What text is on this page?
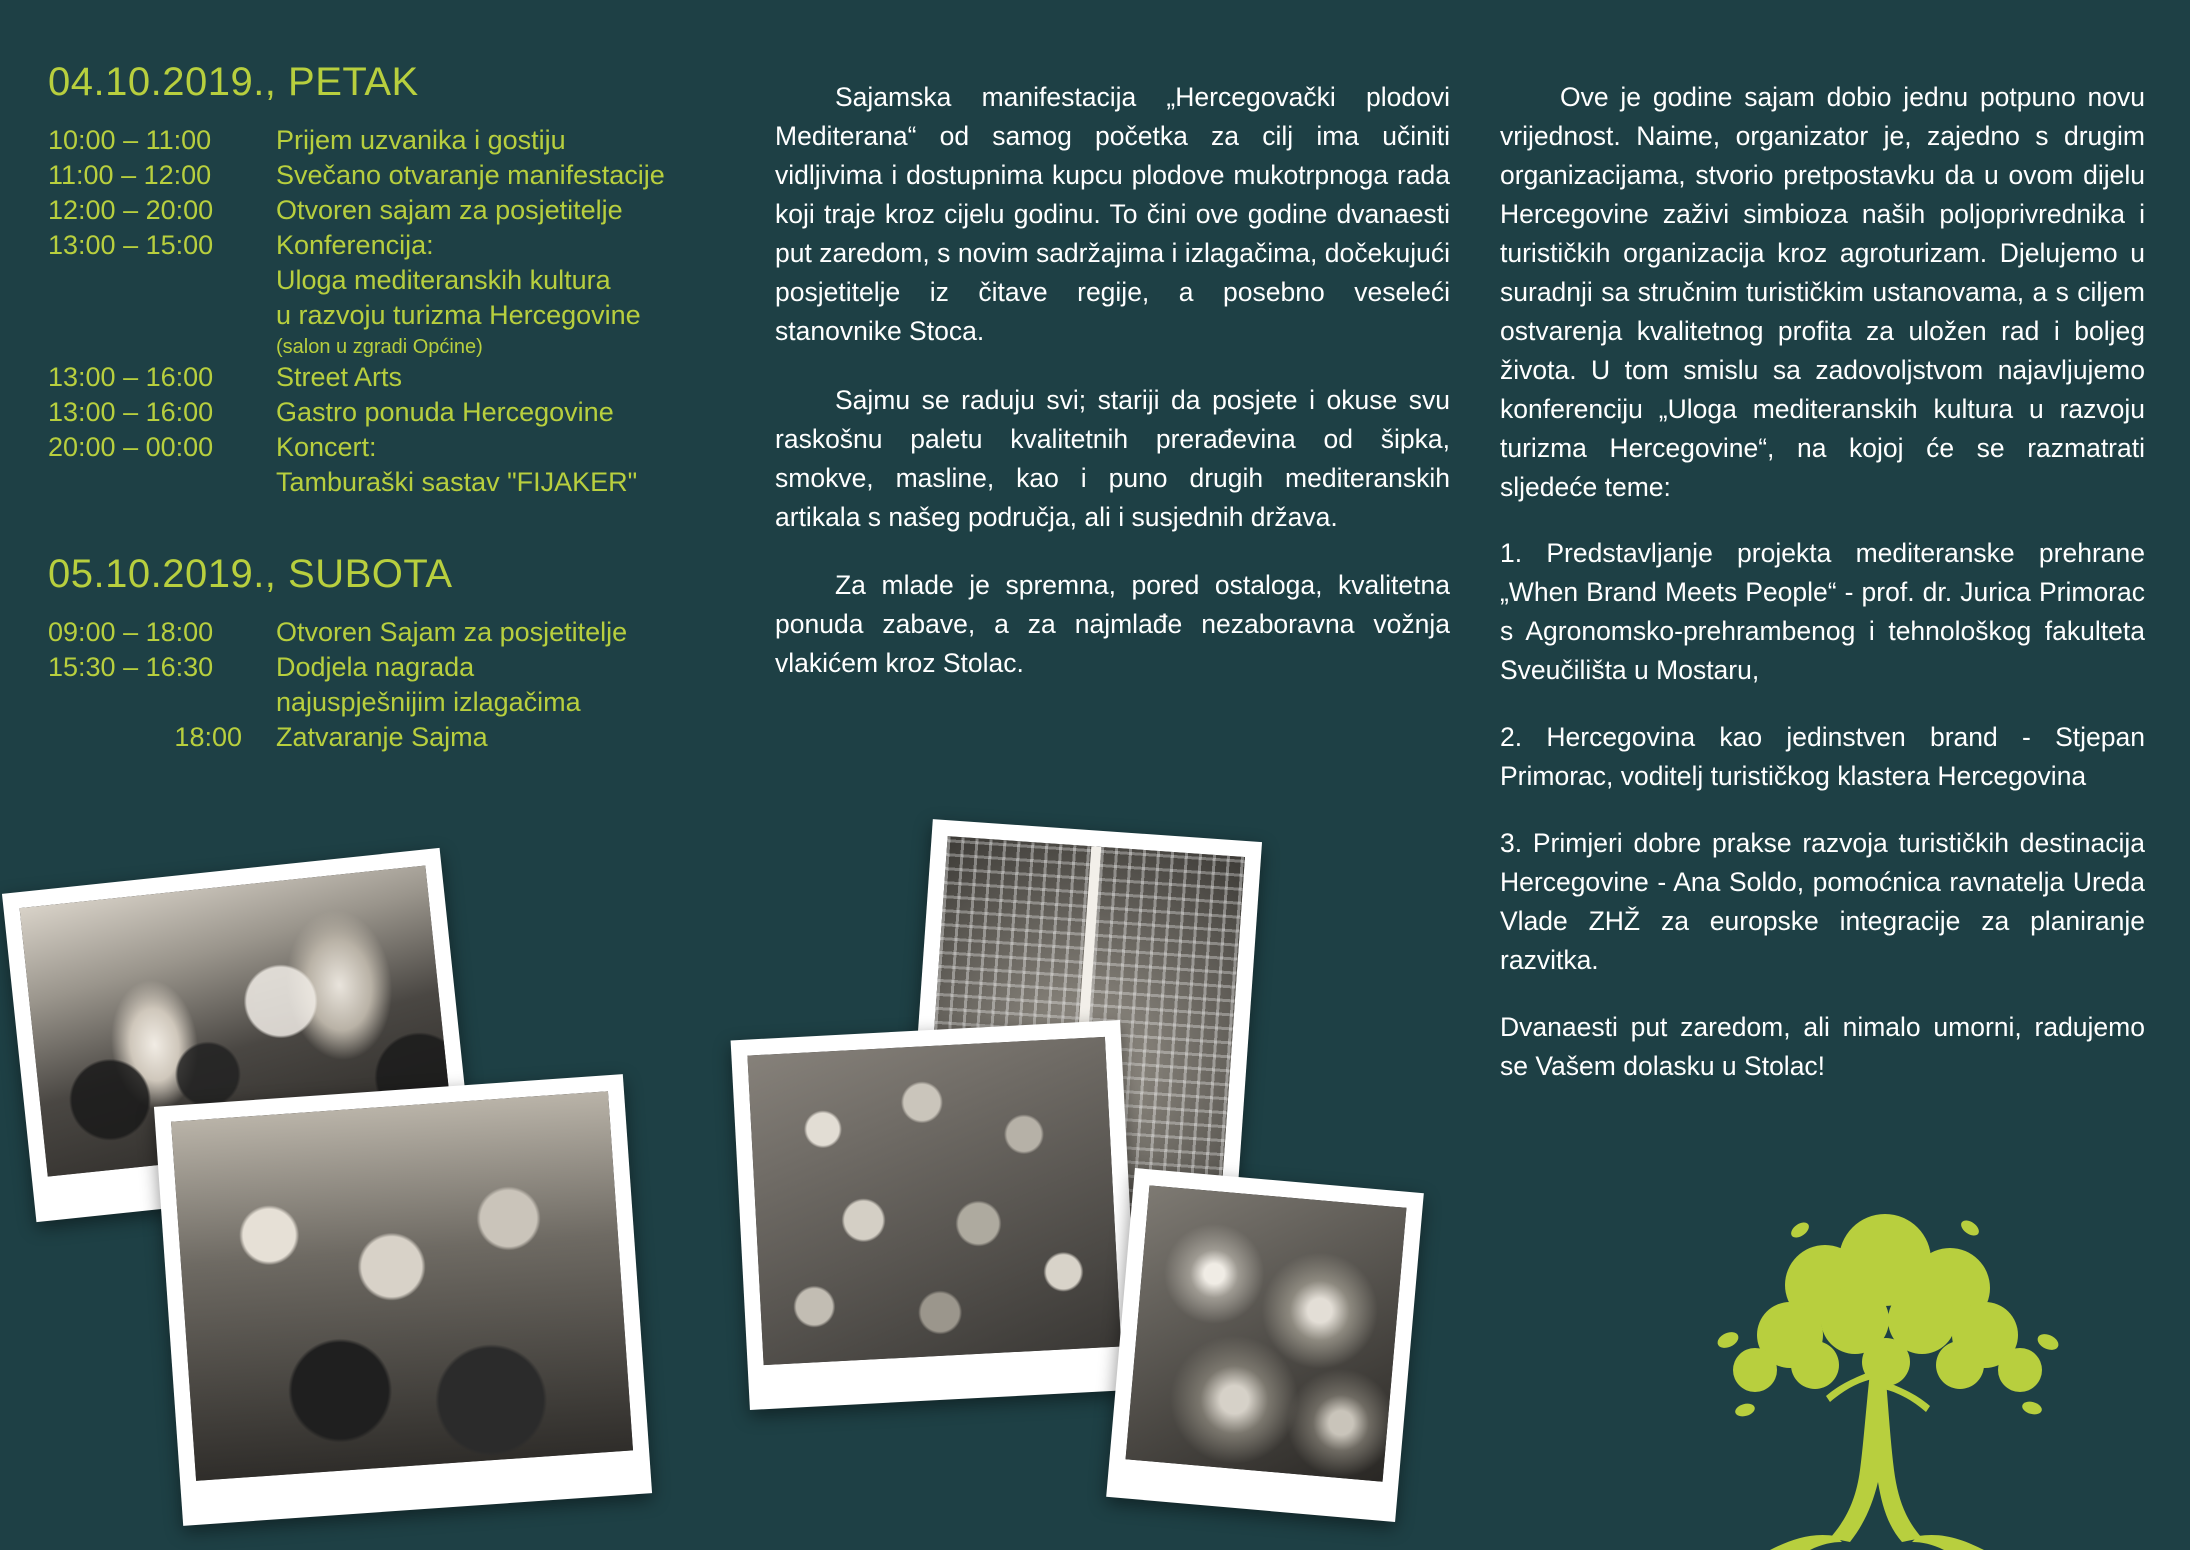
04.10.2019., PETAK
10:00 – 11:00	Prijem uzvanika i gostiju
11:00 – 12:00	Svečano otvaranje manifestacije
12:00 – 20:00	Otvoren sajam za posjetitelje
13:00 – 15:00	Konferencija:
Uloga mediteranskih kultura
u razvoju turizma Hercegovine
(salon u zgradi Općine)
13:00 – 16:00	Street Arts
13:00 – 16:00	Gastro ponuda Hercegovine
20:00 – 00:00	Koncert:
Tamburaški sastav "FIJAKER"
05.10.2019., SUBOTA
09:00 – 18:00	Otvoren Sajam za posjetitelje
15:30 – 16:30	Dodjela nagrada
najuspješnijim izlagačima
18:00	Zatvaranje Sajma

Sajamska manifestacija „Hercegovački plodovi Mediterana“ od samog početka za cilj ima učiniti vidljivima i dostupnima kupcu plodove mukotrpnoga rada koji traje kroz cijelu godinu. To čini ove godine dvanaesti put zaredom, s novim sadržajima i izlagačima, dočekujući posjetitelje iz čitave regije, a posebno veseleći stanovnike Stoca.

Sajmu se raduju svi; stariji da posjete i okuse svu raskošnu paletu kvalitetnih prerađevina od šipka, smokve, masline, kao i puno drugih mediteranskih artikala s našeg područja, ali i susjednih država.

Za mlade je spremna, pored ostaloga, kvalitetna ponuda zabave, a za najmlađe nezaboravna vožnja vlakićem kroz Stolac.

Ove je godine sajam dobio jednu potpuno novu vrijednost. Naime, organizator je, zajedno s drugim organizacijama, stvorio pretpostavku da u ovom dijelu Hercegovine zaživi simbioza naših poljoprivrednika i turističkih organizacija kroz agroturizam. Djelujemo u suradnji sa stručnim turističkim ustanovama, a s ciljem ostvarenja kvalitetnog profita za uložen rad i boljeg života. U tom smislu sa zadovoljstvom najavljujemo konferenciju „Uloga mediteranskih kultura u razvoju turizma Hercegovine“, na kojoj će se razmatrati sljedeće teme:

1. Predstavljanje projekta mediteranske prehrane „When Brand Meets People“ - prof. dr. Jurica Primorac s Agronomsko-prehrambenog i tehnološkog fakulteta Sveučilišta u Mostaru,

2. Hercegovina kao jedinstven brand - Stjepan Primorac, voditelj turističkog klastera Hercegovina

3. Primjeri dobre prakse razvoja turističkih destinacija Hercegovine - Ana Soldo, pomoćnica ravnatelja Ureda Vlade ZHŽ za europske integracije za planiranje razvitka.

Dvanaesti put zaredom, ali nimalo umorni, radujemo se Vašem dolasku u Stolac!
